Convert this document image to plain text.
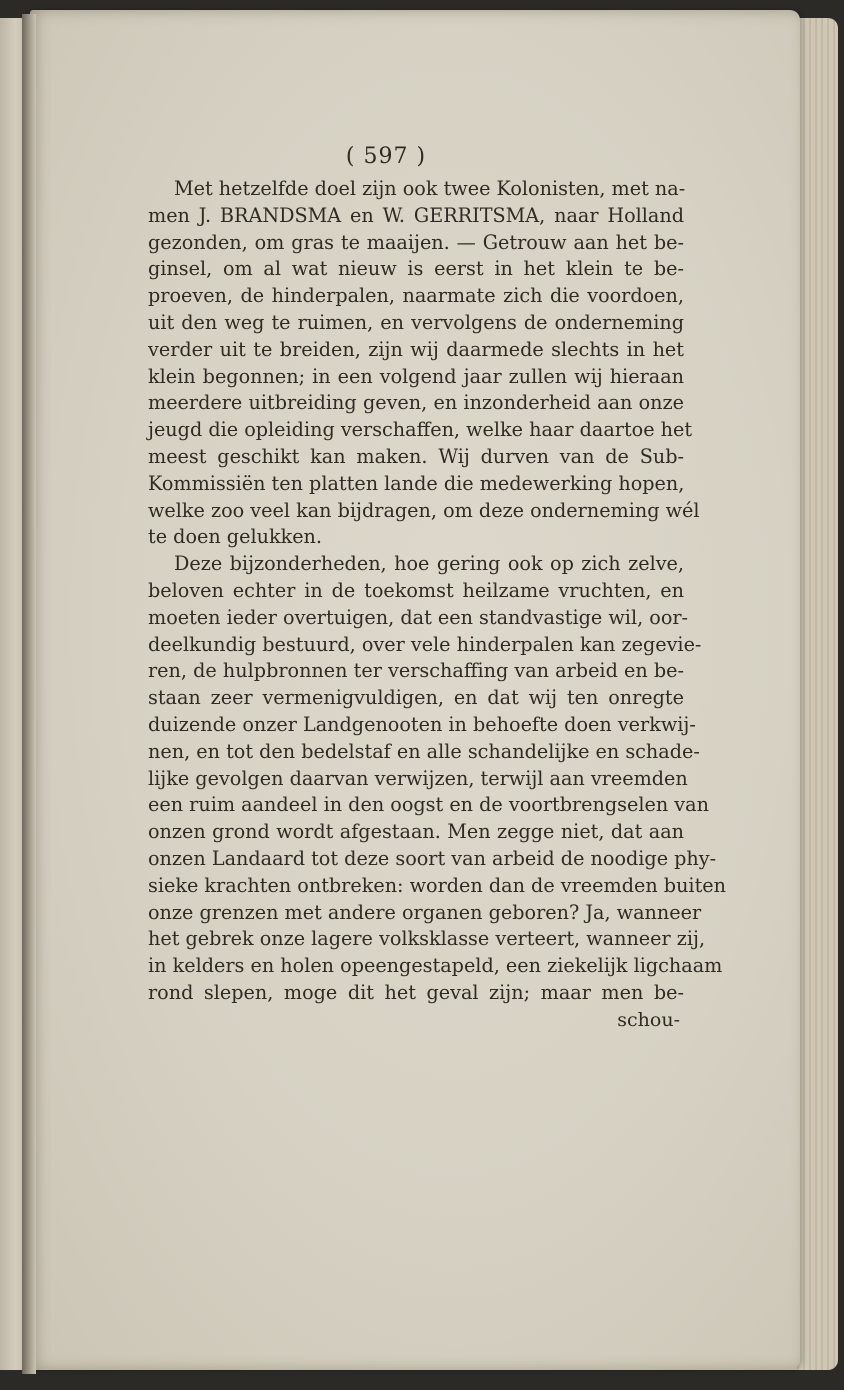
( 597 )
Met hetzelfde doel zijn ook twee Kolonisten, met na-
men J. BRANDSMA en W. GERRITSMA, naar Holland
gezonden, om gras te maaijen. — Getrouw aan het be-
ginsel, om al wat nieuw is eerst in het klein te be-
proeven, de hinderpalen, naarmate zich die voordoen,
uit den weg te ruimen, en vervolgens de onderneming
verder uit te breiden, zijn wij daarmede slechts in het
klein begonnen; in een volgend jaar zullen wij hieraan
meerdere uitbreiding geven, en inzonderheid aan onze
jeugd die opleiding verschaffen, welke haar daartoe het
meest geschikt kan maken. Wij durven van de Sub-
Kommissiën ten platten lande die medewerking hopen,
welke zoo veel kan bijdragen, om deze onderneming wél
te doen gelukken.
Deze bijzonderheden, hoe gering ook op zich zelve,
beloven echter in de toekomst heilzame vruchten, en
moeten ieder overtuigen, dat een standvastige wil, oor-
deelkundig bestuurd, over vele hinderpalen kan zegevie-
ren, de hulpbronnen ter verschaffing van arbeid en be-
staan zeer vermenigvuldigen, en dat wij ten onregte
duizende onzer Landgenooten in behoefte doen verkwij-
nen, en tot den bedelstaf en alle schandelijke en schade-
lijke gevolgen daarvan verwijzen, terwijl aan vreemden
een ruim aandeel in den oogst en de voortbrengselen van
onzen grond wordt afgestaan. Men zegge niet, dat aan
onzen Landaard tot deze soort van arbeid de noodige phy-
sieke krachten ontbreken: worden dan de vreemden buiten
onze grenzen met andere organen geboren? Ja, wanneer
het gebrek onze lagere volksklasse verteert, wanneer zij,
in kelders en holen opeengestapeld, een ziekelijk ligchaam
rond slepen, moge dit het geval zijn; maar men be-
schou-
